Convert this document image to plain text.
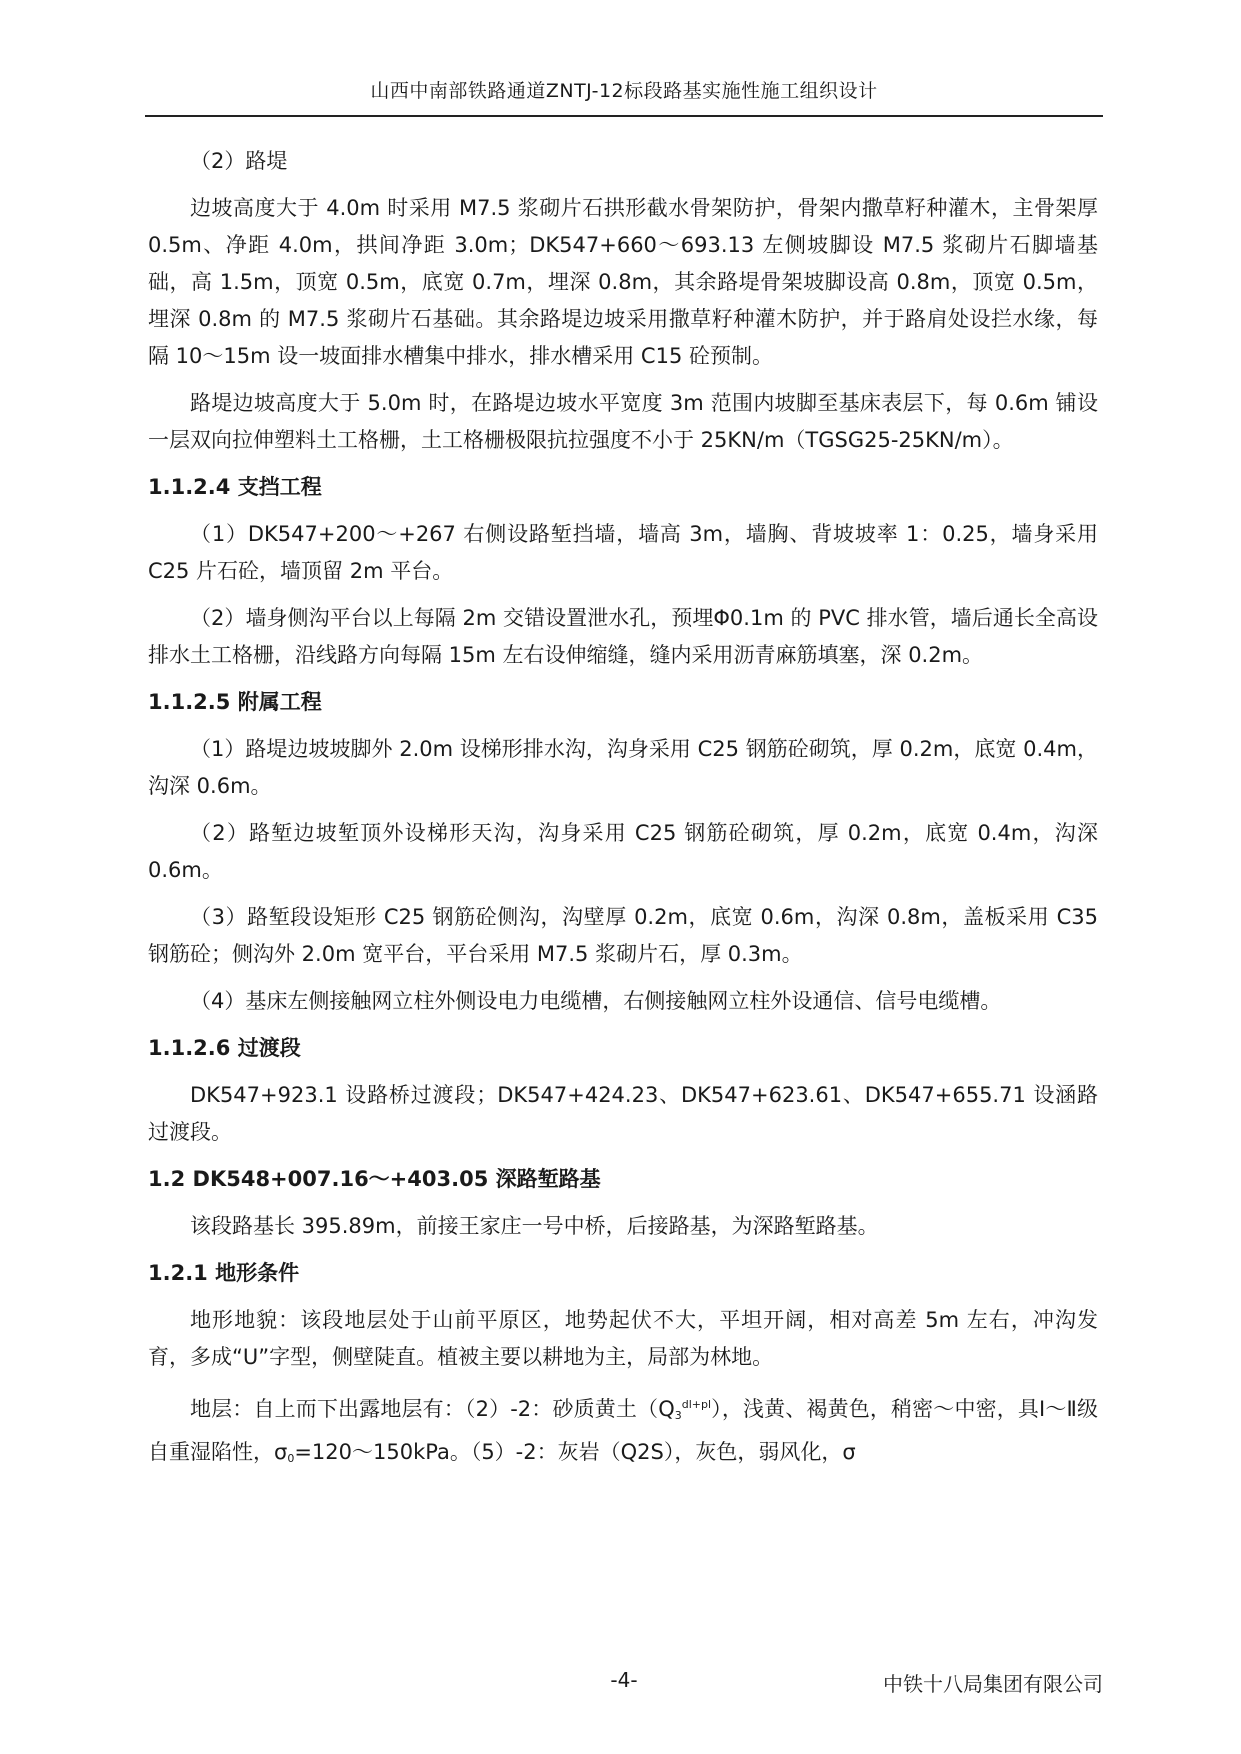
山西中南部铁路通道ZNTJ-12标段路基实施性施工组织设计

（2）路堤

边坡高度大于 4.0m 时采用 M7.5 浆砌片石拱形截水骨架防护，骨架内撒草籽种灌木，主骨架厚 0.5m、净距 4.0m，拱间净距 3.0m；DK547+660～693.13 左侧坡脚设 M7.5 浆砌片石脚墙基础，高 1.5m，顶宽 0.5m，底宽 0.7m，埋深 0.8m，其余路堤骨架坡脚设高 0.8m，顶宽 0.5m，埋深 0.8m 的 M7.5 浆砌片石基础。其余路堤边坡采用撒草籽种灌木防护，并于路肩处设拦水缘，每隔 10～15m 设一坡面排水槽集中排水，排水槽采用 C15 砼预制。

路堤边坡高度大于 5.0m 时，在路堤边坡水平宽度 3m 范围内坡脚至基床表层下，每 0.6m 铺设一层双向拉伸塑料土工格栅，土工格栅极限抗拉强度不小于 25KN/m（TGSG25-25KN/m）。

1.1.2.4 支挡工程

（1）DK547+200～+267 右侧设路堑挡墙，墙高 3m，墙胸、背坡坡率 1：0.25，墙身采用 C25 片石砼，墙顶留 2m 平台。

（2）墙身侧沟平台以上每隔 2m 交错设置泄水孔，预埋Φ0.1m 的 PVC 排水管，墙后通长全高设排水土工格栅，沿线路方向每隔 15m 左右设伸缩缝，缝内采用沥青麻筋填塞，深 0.2m。

1.1.2.5 附属工程

（1）路堤边坡坡脚外 2.0m 设梯形排水沟，沟身采用 C25 钢筋砼砌筑，厚 0.2m，底宽 0.4m，沟深 0.6m。

（2）路堑边坡堑顶外设梯形天沟，沟身采用 C25 钢筋砼砌筑，厚 0.2m，底宽 0.4m，沟深 0.6m。

（3）路堑段设矩形 C25 钢筋砼侧沟，沟壁厚 0.2m，底宽 0.6m，沟深 0.8m，盖板采用 C35 钢筋砼；侧沟外 2.0m 宽平台，平台采用 M7.5 浆砌片石，厚 0.3m。

（4）基床左侧接触网立柱外侧设电力电缆槽，右侧接触网立柱外设通信、信号电缆槽。

1.1.2.6 过渡段

DK547+923.1 设路桥过渡段；DK547+424.23、DK547+623.61、DK547+655.71 设涵路过渡段。

1.2 DK548+007.16～+403.05 深路堑路基

该段路基长 395.89m，前接王家庄一号中桥，后接路基，为深路堑路基。

1.2.1 地形条件

地形地貌：该段地层处于山前平原区，地势起伏不大，平坦开阔，相对高差 5m 左右，冲沟发育，多成“U”字型，侧壁陡直。植被主要以耕地为主，局部为林地。

地层：自上而下出露地层有：（2）-2：砂质黄土$(Q_3^{dl+pl})$，浅黄、褐黄色，稍密～中密，具Ⅰ～Ⅱ级自重湿陷性，$\sigma_0=120\sim 150kPa$。（5）-2：灰岩（Q2S），灰色，弱风化，σ

-4-	中铁十八局集团有限公司
